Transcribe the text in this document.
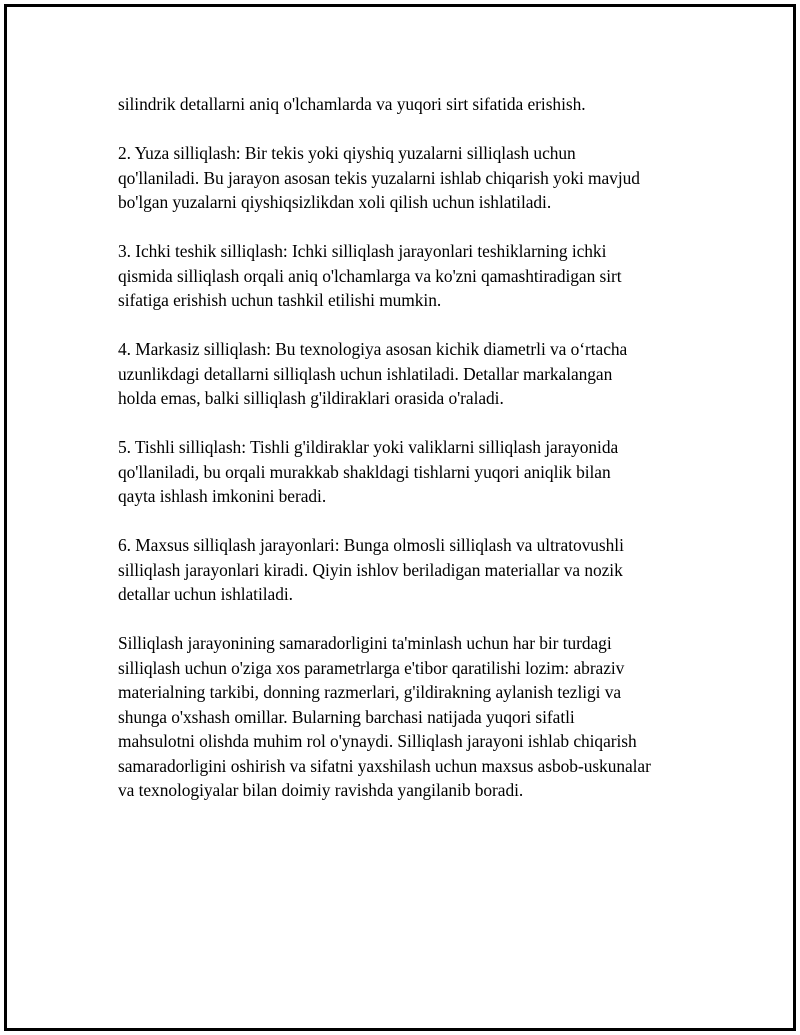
silindrik detallarni aniq o'lchamlarda va yuqori sirt sifatida erishish.

2. Yuza silliqlash: Bir tekis yoki qiyshiq yuzalarni silliqlash uchun
qo'llaniladi. Bu jarayon asosan tekis yuzalarni ishlab chiqarish yoki mavjud
bo'lgan yuzalarni qiyshiqsizlikdan xoli qilish uchun ishlatiladi.

3. Ichki teshik silliqlash: Ichki silliqlash jarayonlari teshiklarning ichki
qismida silliqlash orqali aniq o'lchamlarga va ko'zni qamashtiradigan sirt
sifatiga erishish uchun tashkil etilishi mumkin.

4. Markasiz silliqlash: Bu texnologiya asosan kichik diametrli va o‘rtacha
uzunlikdagi detallarni silliqlash uchun ishlatiladi. Detallar markalangan
holda emas, balki silliqlash g'ildiraklari orasida o'raladi.

5. Tishli silliqlash: Tishli g'ildiraklar yoki valiklarni silliqlash jarayonida
qo'llaniladi, bu orqali murakkab shakldagi tishlarni yuqori aniqlik bilan
qayta ishlash imkonini beradi.

6. Maxsus silliqlash jarayonlari: Bunga olmosli silliqlash va ultratovushli
silliqlash jarayonlari kiradi. Qiyin ishlov beriladigan materiallar va nozik
detallar uchun ishlatiladi.

Silliqlash jarayonining samaradorligini ta'minlash uchun har bir turdagi
silliqlash uchun o'ziga xos parametrlarga e'tibor qaratilishi lozim: abraziv
materialning tarkibi, donning razmerlari, g'ildirakning aylanish tezligi va
shunga o'xshash omillar. Bularning barchasi natijada yuqori sifatli
mahsulotni olishda muhim rol o'ynaydi. Silliqlash jarayoni ishlab chiqarish
samaradorligini oshirish va sifatni yaxshilash uchun maxsus asbob-uskunalar
va texnologiyalar bilan doimiy ravishda yangilanib boradi.
